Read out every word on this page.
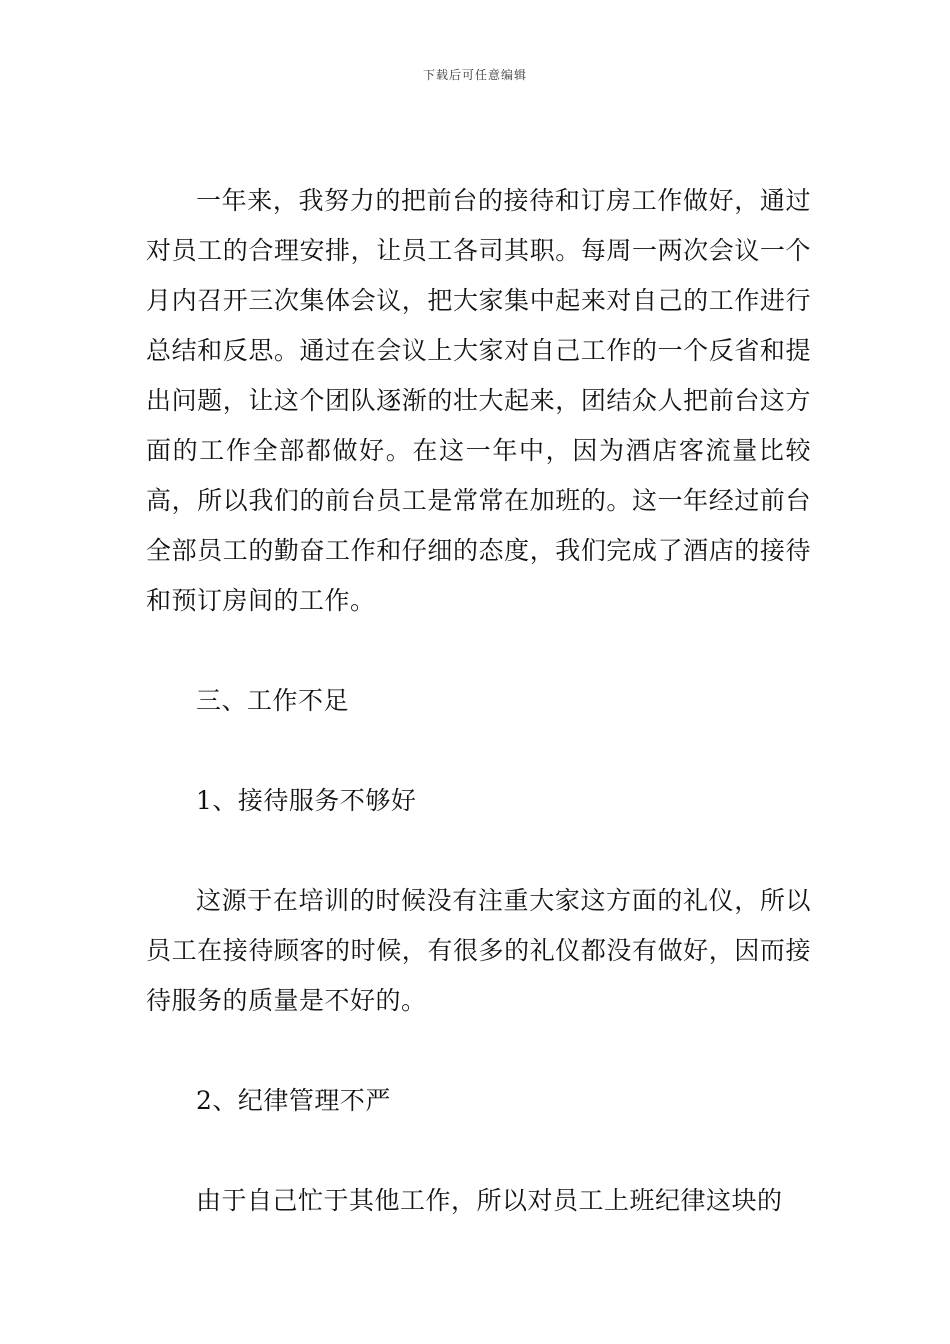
下载后可任意编辑

一年来，我努力的把前台的接待和订房工作做好，通过对员工的合理安排，让员工各司其职。每周一两次会议一个月内召开三次集体会议，把大家集中起来对自己的工作进行总结和反思。通过在会议上大家对自己工作的一个反省和提出问题，让这个团队逐渐的壮大起来，团结众人把前台这方面的工作全部都做好。在这一年中，因为酒店客流量比较高，所以我们的前台员工是常常在加班的。这一年经过前台全部员工的勤奋工作和仔细的态度，我们完成了酒店的接待和预订房间的工作。

三、工作不足

1、接待服务不够好

这源于在培训的时候没有注重大家这方面的礼仪，所以员工在接待顾客的时候，有很多的礼仪都没有做好，因而接待服务的质量是不好的。

2、纪律管理不严

由于自己忙于其他工作，所以对员工上班纪律这块的
